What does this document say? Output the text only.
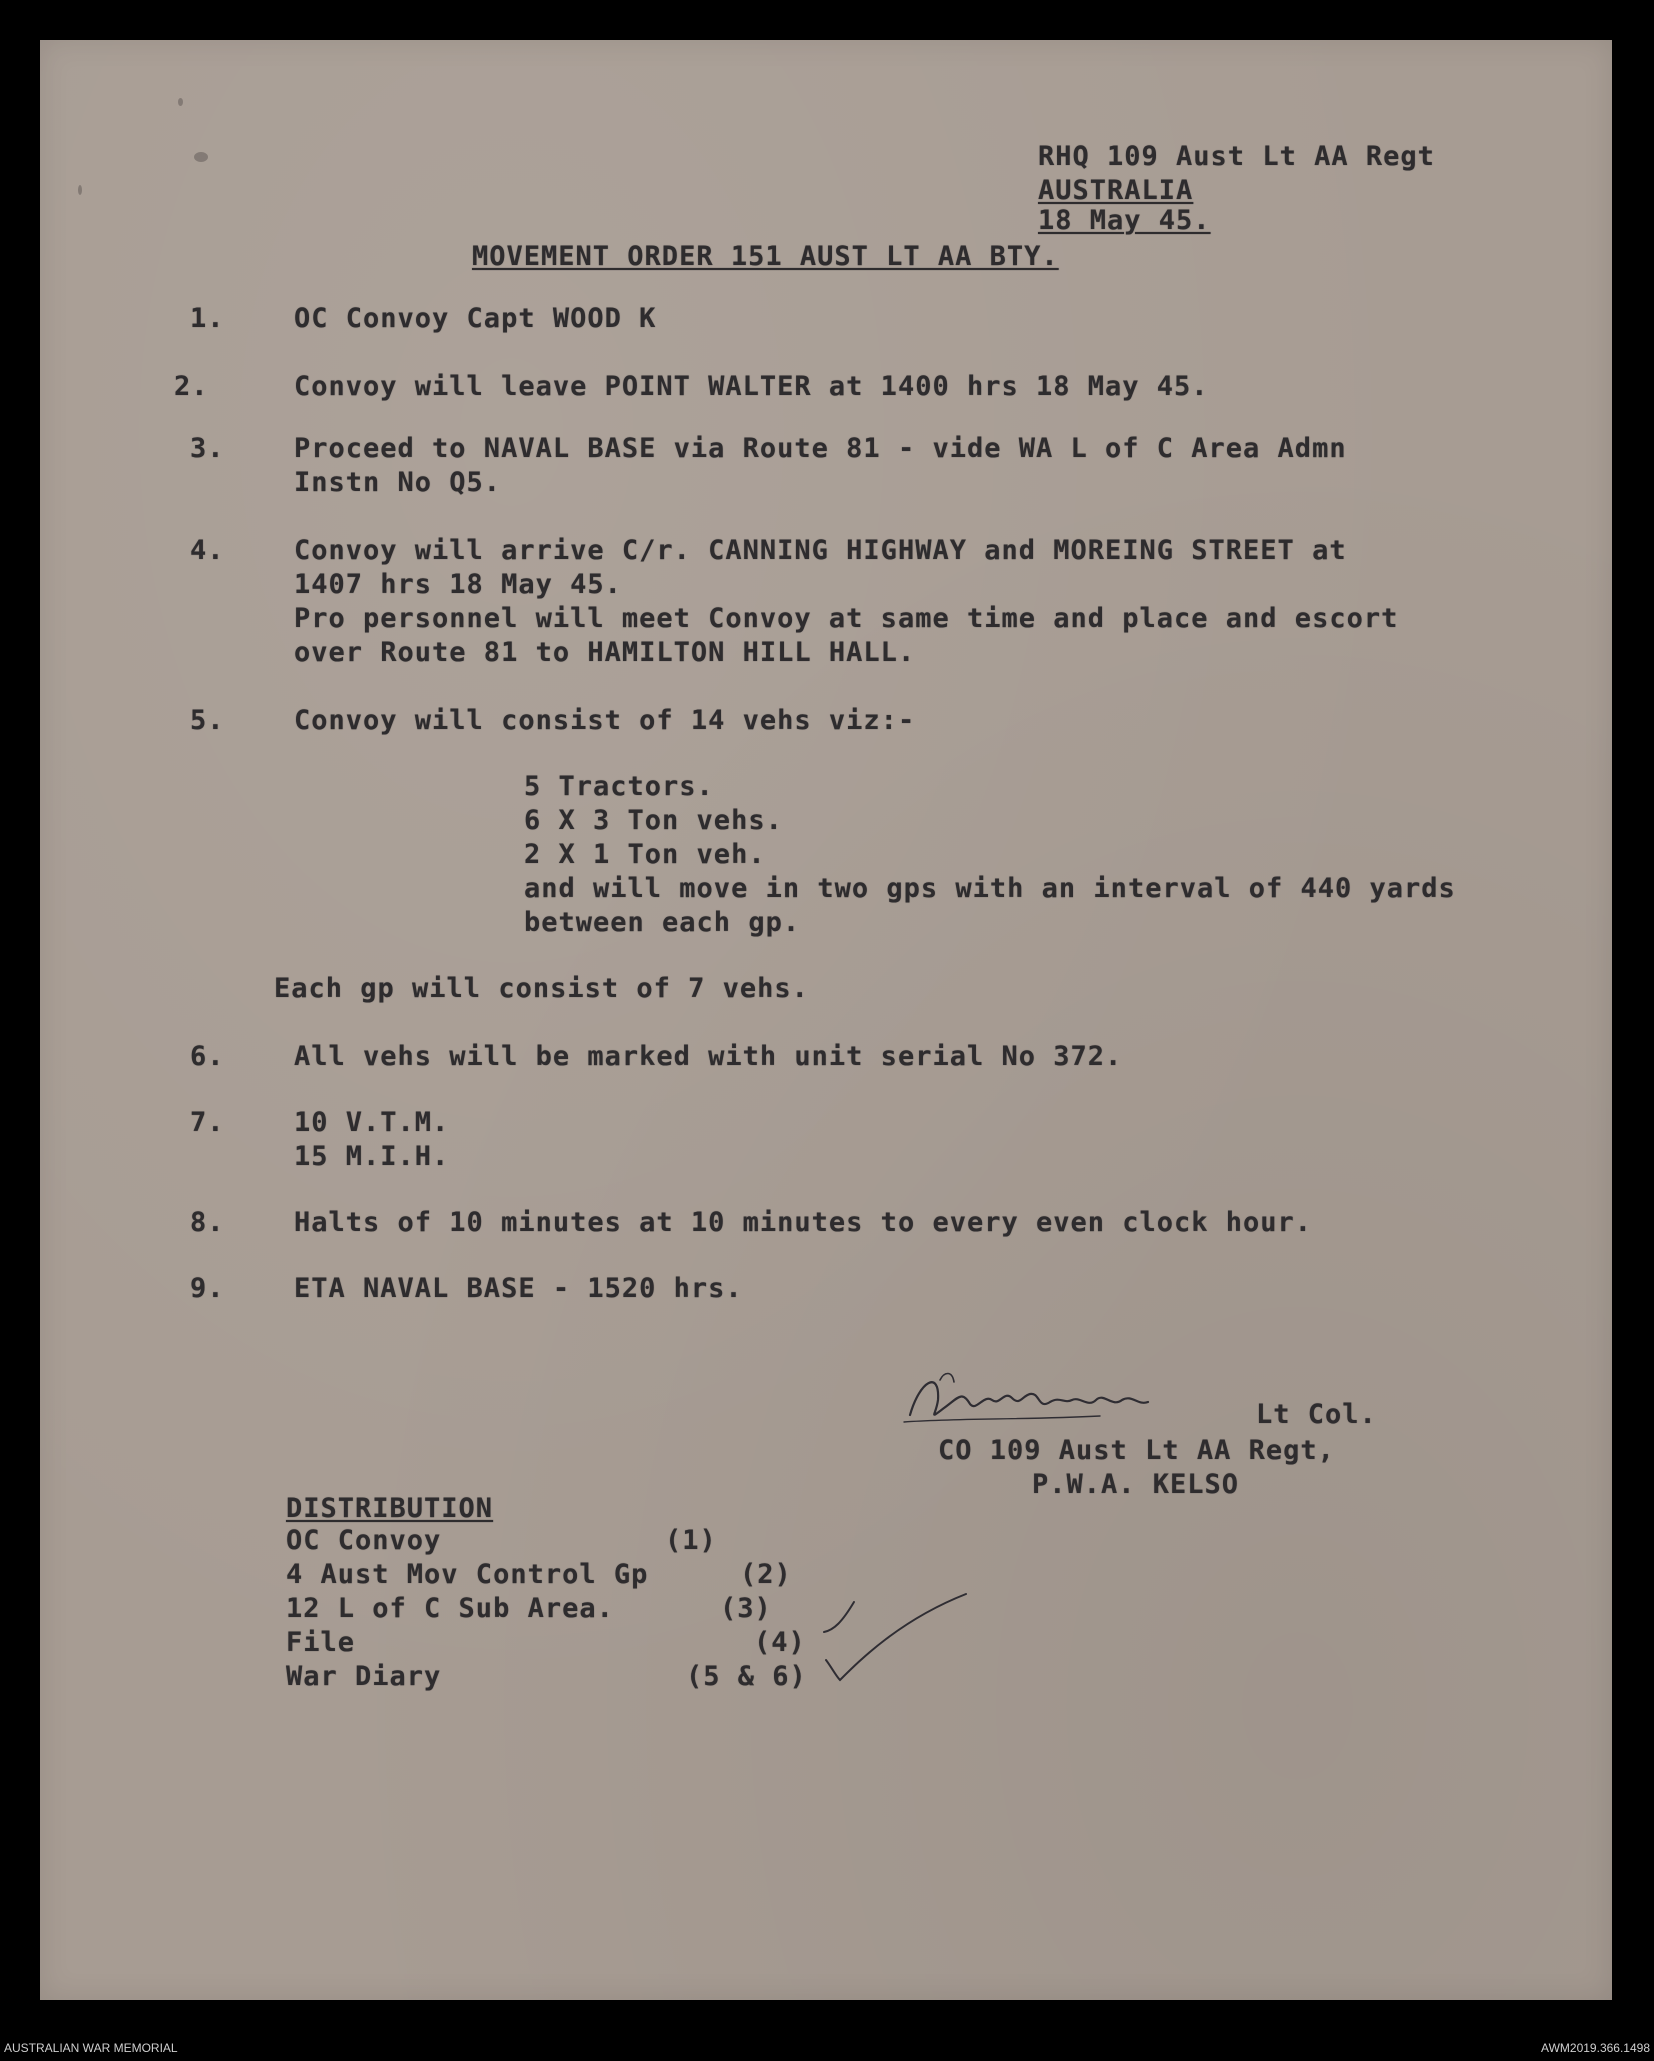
RHQ 109 Aust Lt AA Regt
AUSTRALIA
18 May 45.
MOVEMENT ORDER 151 AUST LT AA BTY.
1.	OC Convoy Capt WOOD K
2.	Convoy will leave POINT WALTER at 1400 hrs 18 May 45.
3.	Proceed to NAVAL BASE via Route 81 - vide WA L of C Area Admn
Instn No Q5.
4.	Convoy will arrive C/r. CANNING HIGHWAY and MOREING STREET at
1407 hrs 18 May 45.
Pro personnel will meet Convoy at same time and place and escort
over Route 81 to HAMILTON HILL HALL.
5.	Convoy will consist of 14 vehs viz:-
5 Tractors.
6 X 3 Ton vehs.
2 X 1 Ton veh.
and will move in two gps with an interval of 440 yards
between each gp.
Each gp will consist of 7 vehs.
6.	All vehs will be marked with unit serial No 372.
7.	10 V.T.M.
15 M.I.H.
8.	Halts of 10 minutes at 10 minutes to every even clock hour.
9.	ETA NAVAL BASE - 1520 hrs.
Lt Col.
CO 109 Aust Lt AA Regt,
P.W.A. KELSO
DISTRIBUTION
OC Convoy	(1)
4 Aust Mov Control Gp	(2)
12 L of C Sub Area.	(3)
File	(4)
War Diary	(5 & 6)
AUSTRALIAN WAR MEMORIAL	AWM2019.366.1498
